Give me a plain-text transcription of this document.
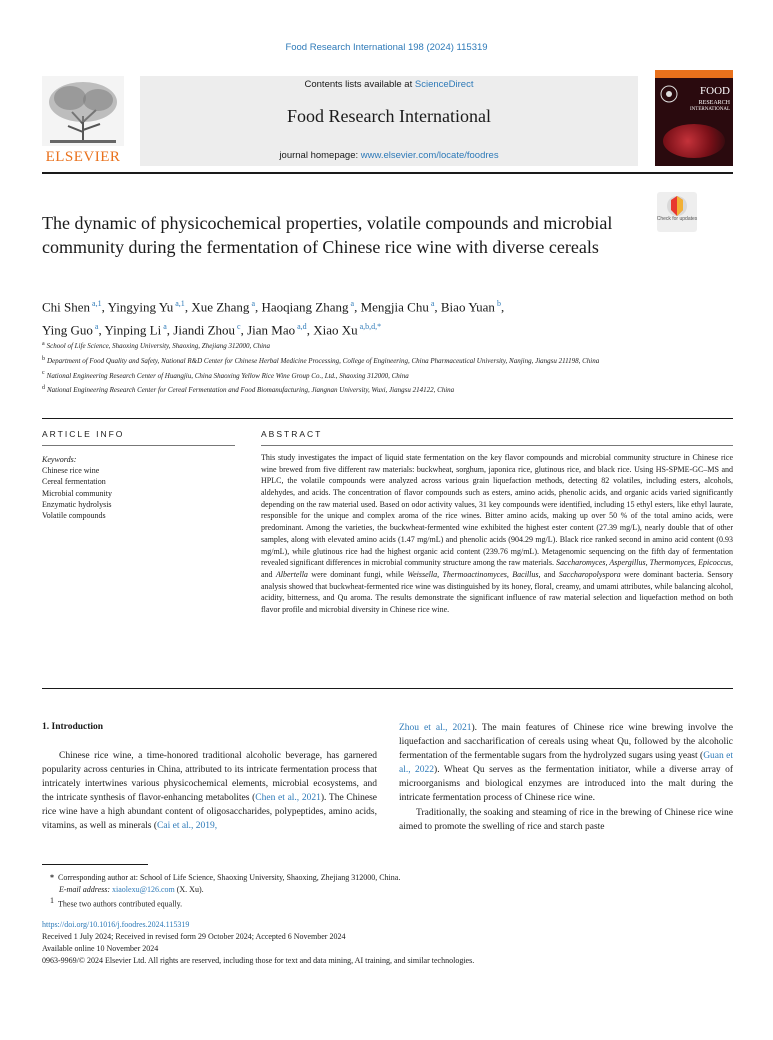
Food Research International 198 (2024) 115319
ELSEVIER
Contents lists available at ScienceDirect
Food Research International
journal homepage: www.elsevier.com/locate/foodres
FOOD
RESEARCH
INTERNATIONAL
The dynamic of physicochemical properties, volatile compounds and microbial community during the fermentation of Chinese rice wine with diverse cereals
Check for updates
Chi Shen $^{a,1}$, Yingying Yu $^{a,1}$, Xue Zhang $^a$, Haoqiang Zhang $^a$, Mengjia Chu $^a$, Biao Yuan $^b$,
Ying Guo $^a$, Yinping Li $^a$, Jiandi Zhou $^c$, Jian Mao $^{a,d}$, Xiao Xu $^{a,b,d,*}$
a School of Life Science, Shaoxing University, Shaoxing, Zhejiang 312000, China
b Department of Food Quality and Safety, National R&D Center for Chinese Herbal Medicine Processing, College of Engineering, China Pharmaceutical University, Nanjing, Jiangsu 211198, China
c National Engineering Research Center of Huangjiu, China Shaoxing Yellow Rice Wine Group Co., Ltd., Shaoxing 312000, China
d National Engineering Research Center for Cereal Fermentation and Food Biomanufacturing, Jiangnan University, Wuxi, Jiangsu 214122, China
ARTICLE INFO	ABSTRACT
Keywords:
Chinese rice wine
Cereal fermentation
Microbial community
Enzymatic hydrolysis
Volatile compounds
This study investigates the impact of liquid state fermentation on the key flavor compounds and microbial community structure in Chinese rice wine brewed from five different raw materials: buckwheat, sorghum, japonica rice, glutinous rice, and black rice. Using HS-SPME-GC–MS and HPLC, the volatile compounds were analyzed across various grain liquefaction methods, detecting 82 volatiles, including esters, alcohols, aldehydes, and acids. The concentration of flavor compounds such as esters, amino acids, phenolic acids, and organic acids varied significantly depending on the raw material used. Based on odor activity values, 31 key compounds were identified, including 15 ethyl esters, like ethyl laurate, responsible for the unique and complex aroma of the rice wines. Bitter amino acids, making up over 50 % of the total amino acids, were predominant. Among the varieties, the buckwheat-fermented wine exhibited the highest ester content (27.39 mg/L), nearly double that of other samples, along with elevated amino acids (1.47 mg/mL) and phenolic acids (904.29 mg/L). Black rice ranked second in amino acid content (0.93 mg/mL), while glutinous rice had the highest organic acid content (239.76 mg/mL). Metagenomic sequencing on the fifth day of fermentation revealed significant differences in microbial community structure among the raw materials. Saccharomyces, Aspergillus, Thermomyces, Epicoccus, and Albertella were dominant fungi, while Weissella, Thermoactinomyces, Bacillus, and Saccharopolyspora were dominant bacteria. Sensory analysis showed that buckwheat-fermented rice wine was distinguished by its honey, floral, creamy, and umami attributes, while balancing alcohol, acidity, bitterness, and Qu aroma. The results demonstrate the significant influence of raw material selection and liquefaction method on both flavor profile and microbial diversity in Chinese rice wine.
1. Introduction

Chinese rice wine, a time-honored traditional alcoholic beverage, has garnered popularity across centuries in China, attributed to its intricate fermentation process that intricately intertwines various physicochemical elements, microbial ecosystems, and the intricate synthesis of flavor-enhancing metabolites (Chen et al., 2021). The Chinese rice wine have a high abundant content of oligosaccharides, polypeptides, amino acids, vitamins, as well as minerals (Cai et al., 2019,

Zhou et al., 2021). The main features of Chinese rice wine brewing involve the liquefaction and saccharification of cereals using wheat Qu, followed by the alcoholic fermentation of the fermentable sugars from the hydrolyzed sugars using yeast (Guan et al., 2022). Wheat Qu serves as the fermentation initiator, while a diverse array of microorganisms and biological enzymes are introduced into the malt during the intricate fermentation process of Chinese rice wine.

Traditionally, the soaking and steaming of rice in the brewing of Chinese rice wine aimed to promote the swelling of rice and starch paste

* Corresponding author at: School of Life Science, Shaoxing University, Shaoxing, Zhejiang 312000, China.
E-mail address: xiaolexu@126.com (X. Xu).
$^1$ These two authors contributed equally.
https://doi.org/10.1016/j.foodres.2024.115319
Received 1 July 2024; Received in revised form 29 October 2024; Accepted 6 November 2024
Available online 10 November 2024
0963-9969/© 2024 Elsevier Ltd. All rights are reserved, including those for text and data mining, AI training, and similar technologies.
